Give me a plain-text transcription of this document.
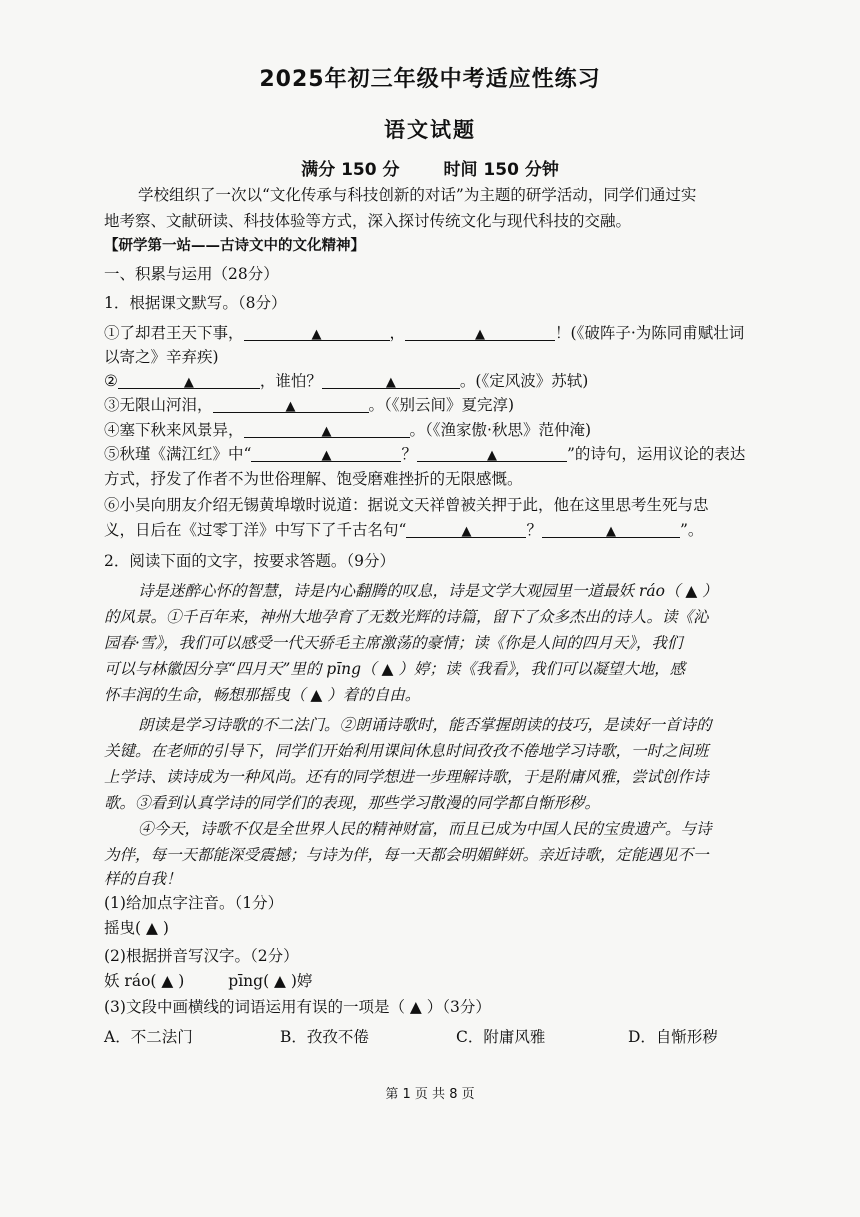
2025年初三年级中考适应性练习
语文试题
满分 150 分	时间 150 分钟
学校组织了一次以“文化传承与科技创新的对话”为主题的研学活动，同学们通过实
地考察、文献研读、科技体验等方式，深入探讨传统文化与现代科技的交融。
【研学第一站——古诗文中的文化精神】
一、积累与运用（28分）
1．根据课文默写。（8分）
①了却君王天下事，	▲	，	▲	！(《破阵子·为陈同甫赋壮词
以寄之》辛弃疾)
②	▲	，谁怕？	▲	。(《定风波》苏轼)
③无限山河泪，	▲	。（《别云间》夏完淳)
④塞下秋来风景异，	▲	。（《渔家傲·秋思》范仲淹)
⑤秋瑾《满江红》中“	▲	？	▲	”的诗句，运用议论的表达
方式，抒发了作者不为世俗理解、饱受磨难挫折的无限感慨。
⑥小吴向朋友介绍无锡黄埠墩时说道：据说文天祥曾被关押于此，他在这里思考生死与忠
义，日后在《过零丁洋》中写下了千古名句“	▲	？	▲	”。
2．阅读下面的文字，按要求答题。（9分）
诗是迷醉心怀的智慧，诗是内心翻腾的叹息，诗是文学大观园里一道最妖 ráo（ ▲ ）
的风景。①千百年来，神州大地孕育了无数光辉的诗篇，留下了众多杰出的诗人。读《沁
园春·雪》，我们可以感受一代天骄毛主席激荡的豪情；读《你是人间的四月天》，我们
可以与林徽因分享“四月天”里的 pīng（ ▲ ）婷；读《我看》，我们可以凝望大地，感
怀丰润的生命，畅想那摇曳（ ▲ ）着的自由。
朗读是学习诗歌的不二法门。②朗诵诗歌时，能否掌握朗读的技巧，是读好一首诗的
关键。在老师的引导下，同学们开始利用课间休息时间孜孜不倦地学习诗歌，一时之间班
上学诗、读诗成为一种风尚。还有的同学想进一步理解诗歌，于是附庸风雅，尝试创作诗
歌。③看到认真学诗的同学们的表现，那些学习散漫的同学都自惭形秽。
④今天，诗歌不仅是全世界人民的精神财富，而且已成为中国人民的宝贵遗产。与诗
为伴，每一天都能深受震撼；与诗为伴，每一天都会明媚鲜妍。亲近诗歌，定能遇见不一
样的自我！
(1)给加点字注音。（1分）
摇曳( ▲ )
(2)根据拼音写汉字。（2分）
妖 ráo( ▲ )	pīng( ▲ )婷
(3)文段中画横线的词语运用有误的一项是（ ▲ ）（3分）
A．不二法门	B．孜孜不倦	C．附庸风雅	D．自惭形秽
第 1 页 共 8 页
